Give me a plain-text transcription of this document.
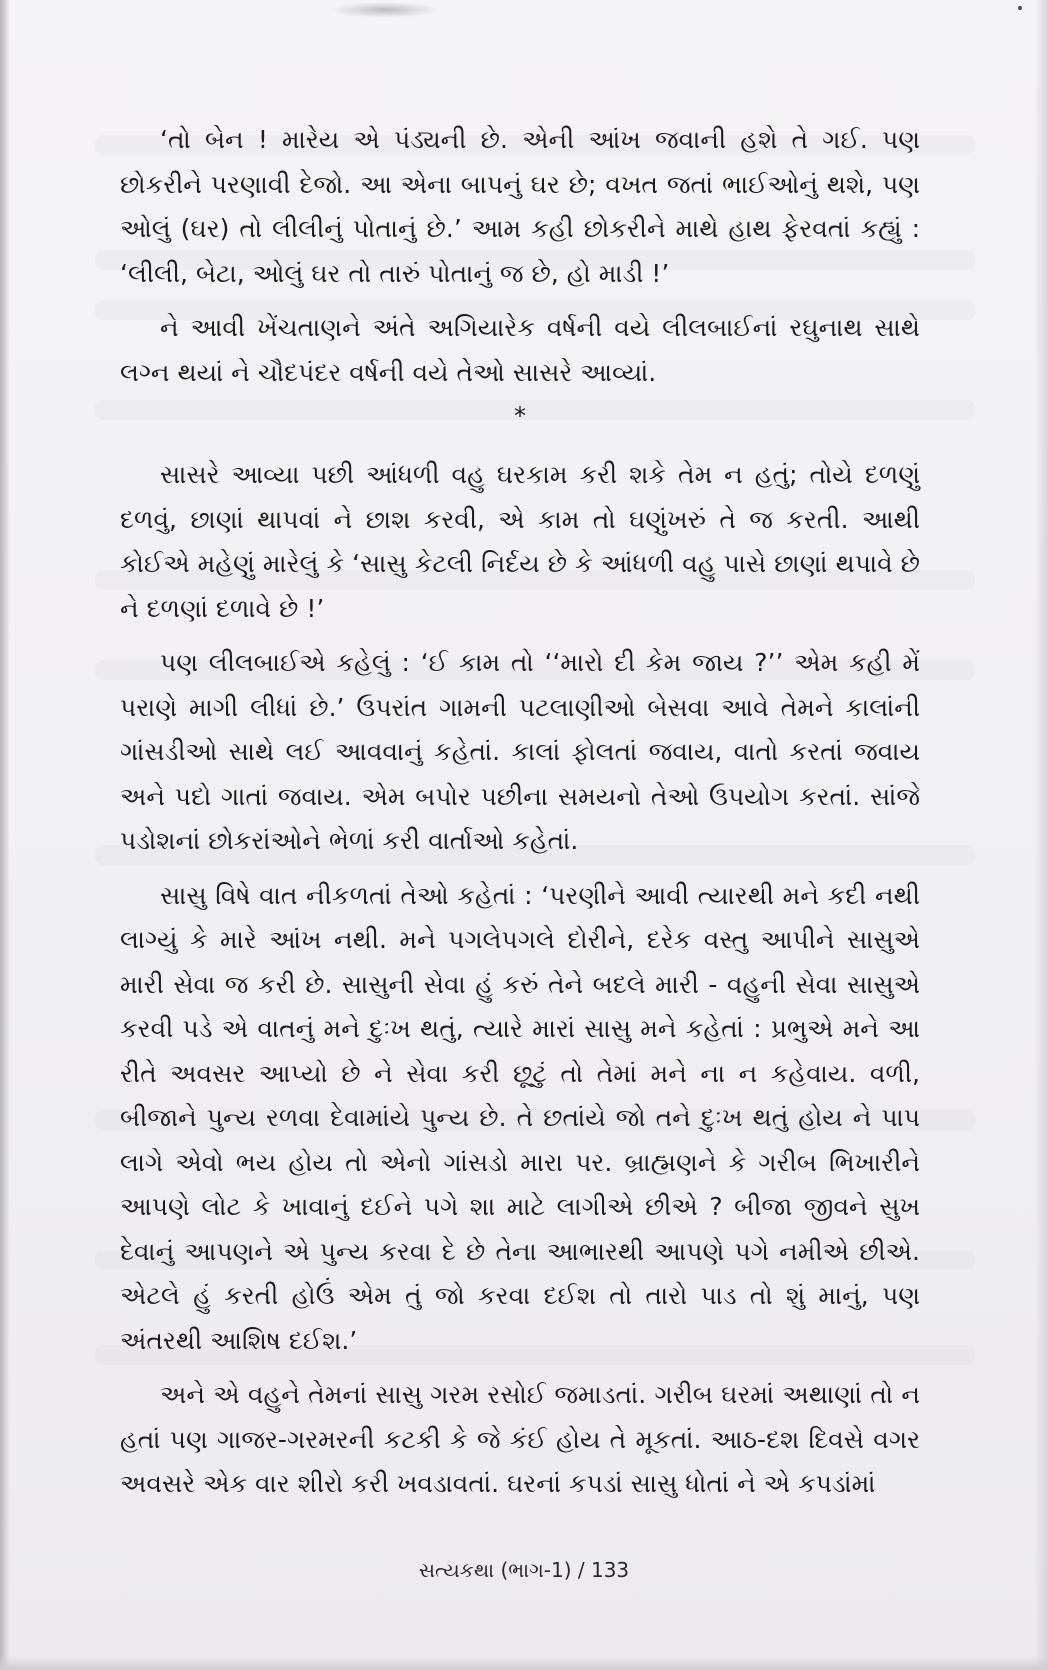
‘તો બેન ! મારેય એ પંડ્યની છે. એની આંખ જવાની હશે તે ગઈ. પણ છોકરીને પરણાવી દેજો. આ એના બાપનું ઘર છે; વખત જતાં ભાઈઓનું થશે, પણ ઓલું (ઘર) તો લીલીનું પોતાનું છે.’ આમ કહી છોકરીને માથે હાથ ફેરવતાં કહ્યું : ‘લીલી, બેટા, ઓલું ઘર તો તારું પોતાનું જ છે, હો માડી !’

ને આવી ખેંચતાણને અંતે અગિયારેક વર્ષની વયે લીલબાઈનાં રઘુનાથ સાથે લગ્ન થયાં ને ચૌદપંદર વર્ષની વયે તેઓ સાસરે આવ્યાં.

*

સાસરે આવ્યા પછી આંધળી વહુ ઘરકામ કરી શકે તેમ ન હતું; તોયે દળણું દળવું, છાણાં થાપવાં ને છાશ કરવી, એ કામ તો ઘણુંખરું તે જ કરતી. આથી કોઈએ મહેણું મારેલું કે ‘સાસુ કેટલી નિર્દય છે કે આંધળી વહુ પાસે છાણાં થપાવે છે ને દળણાં દળાવે છે !’

પણ લીલબાઈએ કહેલું : ‘ઈ કામ તો ‘‘મારો દી કેમ જાય ?’’ એમ કહી મેં પરાણે માગી લીધાં છે.’ ઉપરાંત ગામની પટલાણીઓ બેસવા આવે તેમને કાલાંની ગાંસડીઓ સાથે લઈ આવવાનું કહેતાં. કાલાં ફોલતાં જવાય, વાતો કરતાં જવાય અને પદો ગાતાં જવાય. એમ બપોર પછીના સમયનો તેઓ ઉપયોગ કરતાં. સાંજે પડોશનાં છોકરાંઓને ભેળાં કરી વાર્તાઓ કહેતાં.

સાસુ વિષે વાત નીકળતાં તેઓ કહેતાં : ‘પરણીને આવી ત્યારથી મને કદી નથી લાગ્યું કે મારે આંખ નથી. મને પગલેપગલે દોરીને, દરેક વસ્તુ આપીને સાસુએ મારી સેવા જ કરી છે. સાસુની સેવા હું કરું તેને બદલે મારી - વહુની સેવા સાસુએ કરવી પડે એ વાતનું મને દુઃખ થતું, ત્યારે મારાં સાસુ મને કહેતાં : પ્રભુએ મને આ રીતે અવસર આપ્યો છે ને સેવા કરી છૂટું તો તેમાં મને ના ન કહેવાય. વળી, બીજાને પુન્ય રળવા દેવામાંયે પુન્ય છે. તે છતાંયે જો તને દુઃખ થતું હોય ને પાપ લાગે એવો ભય હોય તો એનો ગાંસડો મારા પર. બ્રાહ્મણને કે ગરીબ ભિખારીને આપણે લોટ કે ખાવાનું દઈને પગે શા માટે લાગીએ છીએ ? બીજા જીવને સુખ દેવાનું આપણને એ પુન્ય કરવા દે છે તેના આભારથી આપણે પગે નમીએ છીએ. એટલે હું કરતી હોઉં એમ તું જો કરવા દઈશ તો તારો પાડ તો શું માનું, પણ અંતરથી આશિષ દઈશ.’

અને એ વહુને તેમનાં સાસુ ગરમ રસોઈ જમાડતાં. ગરીબ ઘરમાં અથાણાં તો ન હતાં પણ ગાજર-ગરમરની કટકી કે જે કંઈ હોય તે મૂકતાં. આઠ-દશ દિવસે વગર અવસરે એક વાર શીરો કરી ખવડાવતાં. ઘરનાં કપડાં સાસુ ધોતાં ને એ કપડાંમાં

સત્યકથા (ભાગ-1) / 133
